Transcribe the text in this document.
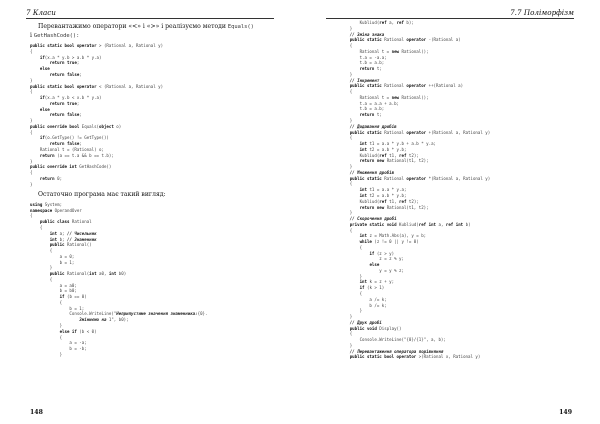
7 Класи

Перевантажимо оператори «<» і «>» і реалізуємо методи Equals()
і GetHashCode():

public static bool operator > (Rational a, Rational y)
{
if(x.a * y.b > a.b * y.a)
return true;
else
return false;
}
public static bool operator < (Rational a, Rational y)
{
if(x.a * y.b < x.b * y.a)
return true;
else
return false;
}
public override bool Equals(object o)
{
if(o.GetType() != GetType())
return false;
Rational t = (Rational) o;
return (a == t.a && b == t.b);
}
public override int GetHashCode()
{
return 0;
}

Остаточно програма має такий вигляд:

using System;
namespace OperandOver
{
public class Rational
{
int a; // Чисельник
int b; // Знаменник
public Rational()
{
a = 0;
b = 1;
}
public Rational(int a0, int b0)
{
a = a0;
b = b0;
if (b == 0)
{
b = 1;
Console.WriteLine("Неприпустиме значення знаменника:{0}.
Змінюємо на 1", b0);
}
else if (b < 0)
{
a = -a;
b = -b;
}
148
7.7 Поліморфізм
Kubliud(ref a, ref b);
}
// Зміна знака
public static Rational operator -(Rational a)
{
Rational t = new Rational();
t.a = -a.a;
t.b = a.b;
return t;
}
// Інкремент
public static Rational operator ++(Rational a)
{
Rational t = new Rational();
t.a = a.a + a.b;
t.b = a.b;
return t;
}
// Додавання дробів
public static Rational operator +(Rational a, Rational y)
{
int t1 = a.a * y.b + a.b * y.a;
int t2 = a.b * y.b;
Kubliud(ref t1, ref t2);
return new Rational(t1, t2);
}
// Множення дробів
public static Rational operator *(Rational a, Rational y)
{
int t1 = a.a * y.a;
int t2 = a.b * y.b;
Kubliud(ref t1, ref t2);
return new Rational(t1, t2);
}
// Скорочення дробі
private static void Kubliud(ref int a, ref int b)
{
int z = Math.Abs(a), y = b;
while (z != 0 || y != 0)
{
if (z > y)
z = z % y;
else
y = y % z;
}
int k = z + y;
if (k > 1)
{
a /= k;
b /= k;
}
}
// Друк дробі
public void Display()
{
Console.WriteLine("{0}/{1}", a, b);
}
// Перевантаження оператора порівняння
public static bool operator >(Rational x, Rational y)
149
